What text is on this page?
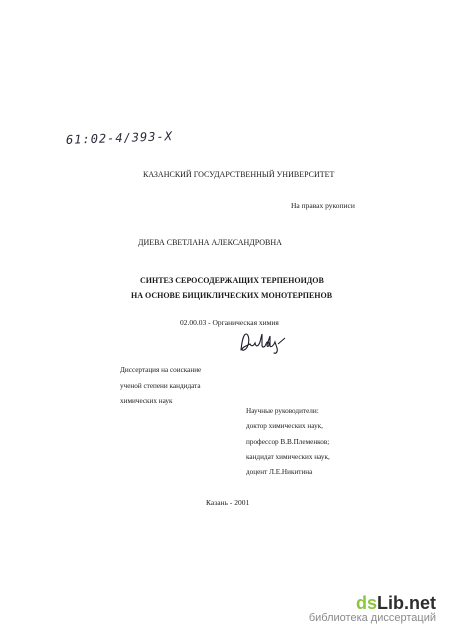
61:02-4/393-X
КАЗАНСКИЙ ГОСУДАРСТВЕННЫЙ УНИВЕРСИТЕТ
На правах рукописи
ДИЕВА СВЕТЛАНА АЛЕКСАНДРОВНА
СИНТЕЗ СЕРОСОДЕРЖАЩИХ ТЕРПЕНОИДОВ
НА ОСНОВЕ БИЦИКЛИЧЕСКИХ МОНОТЕРПЕНОВ
02.00.03 - Органическая химия
Диссертация на соискание
ученой степени кандидата
химических наук
Научные руководители:
доктор химических наук,
профессор В.В.Племенков;
кандидат химических наук,
доцент Л.Е.Никитина
Казань - 2001
dsLib.net
библиотека диссертаций
